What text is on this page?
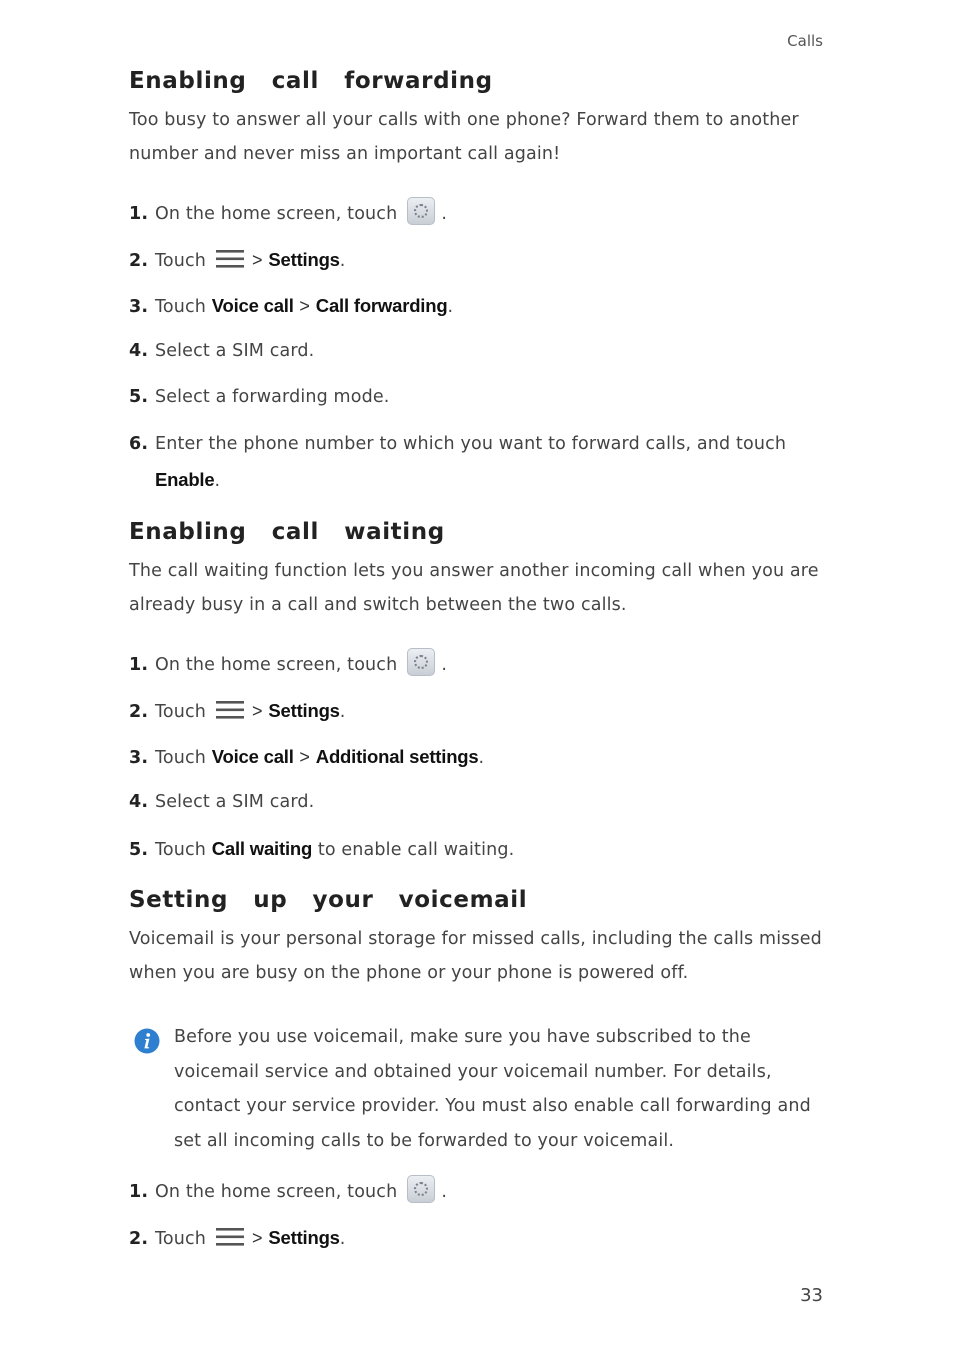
Calls
Enabling  call  forwarding

Too busy to answer all your calls with one phone? Forward them to another number and never miss an important call again!

1. On the home screen, touch	.
2. Touch	> Settings.
3. Touch Voice call > Call forwarding.
4. Select a SIM card.
5. Select a forwarding mode.
6. Enter the phone number to which you want to forward calls, and touch
Enable.
Enabling  call  waiting

The call waiting function lets you answer another incoming call when you are already busy in a call and switch between the two calls.

1. On the home screen, touch	.
2. Touch	> Settings.
3. Touch Voice call > Additional settings.
4. Select a SIM card.
5. Touch Call waiting to enable call waiting.
Setting  up  your  voicemail

Voicemail is your personal storage for missed calls, including the calls missed when you are busy on the phone or your phone is powered off.

Before you use voicemail, make sure you have subscribed to the voicemail service and obtained your voicemail number. For details, contact your service provider. You must also enable call forwarding and set all incoming calls to be forwarded to your voicemail.
1. On the home screen, touch	.
2. Touch	> Settings.
33
